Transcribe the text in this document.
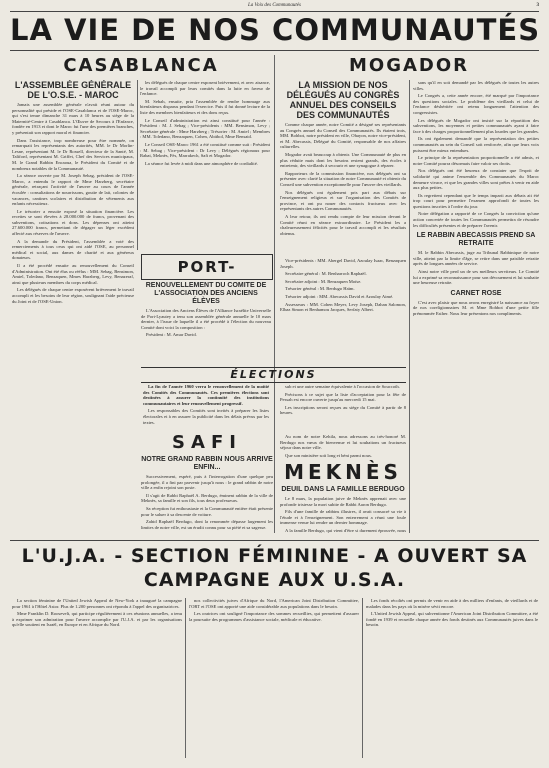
La Voix des Communautés	3
LA VIE DE NOS COMMUNAUTÉS

CASABLANCA

L'ASSEMBLÉE GÉNÉRALE DE L'O.S.E. - MAROC

Jamais une assemblée générale n'avait réuni autour du personnalité qui préside et l'OSE-Casablanca et de l'OSE-Maroc, qui s'est tenue dimanche 31 mars à 10 heures au siège de la Maternité-Centre à Casablanca. L'Œuvre de Secours à l'Enfance, fondée en 1913 et dont le Maroc fut l'une des premières branches, y présentait son rapport moral et financier.

Dans l'assistance, trop nombreuse pour être nommée, on remarquait les représentants des autorités, MM. le Dr Morlin-Lesne, représentant M. le Dr Rossell, directeur de la Santé, M. Taliford, représentant M. Griffet, Chef des Services municipaux, M. le Grand Rabbin Encaoua, le Président du Comité et de nombreux notables de la Communauté.

La séance ouverte par M. Joseph Sebag, président de l'OSE-Maroc, a entendu le rapport de Mme Harzberg, secrétaire générale, retraçant l'activité de l'œuvre au cours de l'année écoulée : consultations de nourrissons, goutte de lait, colonies de vacances, cantines scolaires et distribution de vêtements aux enfants nécessiteux.

Le trésorier a ensuite exposé la situation financière. Les recettes se sont élevées à 28.000.000 de francs, provenant des subventions, cotisations et dons. Les dépenses ont atteint 27.600.000 francs, permettant de dégager un léger excédent affecté aux réserves de l'œuvre.

A la demande du Président, l'assemblée a voté des remerciements à tous ceux qui ont aidé l'OSE, au personnel médical et social, aux dames de charité et aux généreux donateurs.

Il a été procédé ensuite au renouvellement du Conseil d'Administration. Ont été élus ou réélus : MM. Sebag, Bensimon, Amiel, Toledano, Benzaquen, Mmes Harzberg, Levy, Benazeraf, ainsi que plusieurs membres du corps médical.

Les délégués de chaque centre exposèrent brièvement le travail accompli et les besoins de leur région, soulignant l'aide précieuse du Joint et de l'OSE-Union.

les délégués de chaque centre exposent brièvement, et avec aisance, le travail accompli par leurs comités dans la lutte en faveur de l'enfance.

M. Sebah, ensuite, pria l'assemblée de rendre hommage aux bienfaiteurs disparus pendant l'exercice. Puis il fut donné lecture de la liste des membres bienfaiteurs et des dons reçus.

Le Conseil d'administration est ainsi constitué pour l'année : Président : M. J. Sebag ; Vice-présidents : MM. Bensimon, Levy ; Secrétaire générale : Mme Harzberg ; Trésorier : M. Amiel ; Membres : MM. Toledano, Benzaquen, Cohen, Abitbol, Mme Bensaid.

Le Conseil OSE-Maroc 1961 a été constitué comme suit : Président : M. Sebag ; Vice-président : Dr Levy ; Délégués régionaux pour Rabat, Meknès, Fès, Marrakech, Safi et Mogador.

La séance fut levée à midi dans une atmosphère de cordialité.

MOGADOR

LA MISSION DE NOS DÉLÉGUÉS AU CONGRÈS ANNUEL DES CONSEILS DES COMMUNAUTÉS

Comme chaque année, notre Comité a désigné ses représentants au Congrès annuel du Conseil des Communautés. Ils étaient trois, MM. Bohbot, notre président en ville, Ohayon, notre vice-président, et M. Abecassis, Délégué du Comité, responsable de nos affaires culturelles.

Mogador avait beaucoup à obtenir. Une Communauté de plus en plus réduite mais dont les besoins restent grands, des écoles à entretenir, des vieillards à secourir et une synagogue à réparer.

Rapporteurs de la commission financière, nos délégués ont su présenter avec clarté la situation de notre Communauté et obtenir du Conseil une subvention exceptionnelle pour l'œuvre des vieillards.

Nos délégués ont également pris part aux débats sur l'enseignement religieux et sur l'organisation des Comités de province, et ont pu nouer des contacts fructueux avec les représentants des autres Communautés.

A leur retour, ils ont rendu compte de leur mission devant le Comité réuni en séance extraordinaire. Le Président les a chaleureusement félicités pour le travail accompli et les résultats obtenus.

sans qu'il en soit demandé par les délégués de toutes les autres villes.

Le Congrès a, cette année encore, été marqué par l'importance des questions sociales. Le problème des vieillards et celui de l'enfance déshéritée ont retenu longuement l'attention des congressistes.

Les délégués de Mogador ont insisté sur la répartition des subventions, les moyennes et petites communautés ayant à faire face à des charges proportionnellement plus lourdes que les grandes.

Ils ont également demandé que la représentation des petites communautés au sein du Conseil soit renforcée, afin que leurs voix puissent être mieux entendues.

Le principe de la représentation proportionnelle a été admis, et notre Comité pourra désormais faire valoir ses droits.

Nos délégués ont été heureux de constater que l'esprit de solidarité qui anime l'ensemble des Communautés du Maroc demeure vivace, et que les grandes villes sont prêtes à venir en aide aux plus petites.

Ils regrettent cependant que le temps imparti aux débats ait été trop court pour permettre l'examen approfondi de toutes les questions inscrites à l'ordre du jour.

Notre délégation a rapporté de ce Congrès la conviction qu'une action concertée de toutes les Communautés permettra de résoudre les difficultés présentes et de préparer l'avenir.

LE RABBIN ABECASSIS PREND SA RETRAITE

M. le Rabbin Abecassis, juge au Tribunal Rabbinique de notre ville, atteint par la limite d'âge, se retire dans une paisible retraite après de longues années de service.

Ainsi notre ville perd un de ses meilleurs serviteurs. Le Comité lui a exprimé sa reconnaissance pour son dévouement et lui souhaite une heureuse retraite.

CARNET ROSE

C'est avec plaisir que nous avons enregistré la naissance au foyer de nos coreligionnaires M. et Mme Bohbot d'une petite fille prénommée Esther. Nous leur présentons nos compliments.

PORT-

RENOUVELLEMENT DU COMITÉ DE L'ASSOCIATION DES ANCIENS ÉLÈVES

L'Association des Anciens Élèves de l'Alliance Israélite Universelle de Port-Lyautey a tenu son assemblée générale annuelle le 10 mars dernier, à l'issue de laquelle il a été procédé à l'élection du nouveau Comité dont voici la composition :

Président : M. Amar David.

Vice-présidents : MM. Abergel David, Azoulay Isaac, Benzaquen Joseph.

Secrétaire général : M. Benharroch Raphaël.

Secrétaire adjoint : M. Benzaquen Moïse.

Trésorier général : M. Berdugo Haïm.

Trésorier adjoint : MM. Abecassis David et Azoulay Aimé.

Assesseurs : MM. Cohen Meyer, Levy Joseph, Dahan Salomon, Elbaz Simon et Benhamou Jacques, Serfaty Albert.

ÉLECTIONS

La fin de l'année 1960 verra le renouvellement de la moitié des Comités des Communautés. Ces premières élections sont destinées à assurer la continuité des institutions communautaires et leur renouvellement progressif.

Les responsables des Comités sont invités à préparer les listes électorales et à en assurer la publicité dans les délais prévus par les textes.

sub et une autre semaine équivalente à l'occasion de Souccoth.

Précisons à ce sujet que la liste d'acceptation pour la fête de Pessah est encore ouverte jusqu'au mercredi 15 mai.

Les inscriptions seront reçues au siège du Comité à partir de 8 heures.

SAFI

NOTRE GRAND RABBIN NOUS ARRIVE ENFIN...

Successivement, espéré, puis à l'interrogation d'une quelque peu prolongée, il a fini par parvenir jusqu'à nous : le grand rabbin de notre ville a enfin rejoint son poste.

Il s'agit de Rabbi Raphaël A. Berdugo, éminent rabbin de la ville de Meknès, sa famille et son fils, tous deux professeurs.

Sa réception fut enthousiaste et la Communauté entière était présente pour le saluer à sa descente de voiture.

Zahid Raphaël Berdugo, dont la renommée dépasse largement les limites de notre ville, est un érudit connu pour sa piété et sa sagesse.

Au nom de notre Kehila, nous adressons au très-honoré M. Berdugo nos vœux de bienvenue et lui souhaitons un fructueux séjour dans notre ville.

Que son ministère soit long et béni parmi nous.

MEKNÈS

DEUIL DANS LA FAMILLE BERDUGO

Le 8 mars, la population juive de Meknès apprenait avec une profonde tristesse la mort subite de Rabbi Aaron Berdugo.

Fils d'une famille de rabbins illustres, il avait consacré sa vie à l'étude et à l'enseignement. Son enterrement a réuni une foule immense venue lui rendre un dernier hommage.

A la famille Berdugo, qui vient d'être si durement éprouvée, nous

L'U.J.A. - SECTION FÉMININE - A OUVERT SA CAMPAGNE AUX U.S.A.

La section féminine de l'United Jewish Appeal de New-York a inauguré la campagne pour 1961 à l'Hôtel Astor. Plus de 1.200 personnes ont répondu à l'appel des organisatrices.

Mme Franklin D. Roosevelt, qui participe régulièrement à ces réunions annuelles, a tenu à exprimer son admiration pour l'œuvre accomplie par l'U.J.A. et par les organisations qu'elle soutient en Israël, en Europe et en Afrique du Nord.

nos collectivités juives d'Afrique du Nord, l'American Joint Distribution Committee, l'ORT et l'OSE ont apporté une aide considérable aux populations dans le besoin.

Les oratrices ont souligné l'importance des sommes recueillies, qui permettent d'assurer la poursuite des programmes d'assistance sociale, médicale et éducative.

Les fonds récoltés ont permis de venir en aide à des milliers d'enfants, de vieillards et de malades dans les pays où la misère sévit encore.

L'United Jewish Appeal, qui subventionne l'American Joint Distribution Committee, a été fondé en 1939 et recueille chaque année des fonds destinés aux Communautés juives dans le besoin.
